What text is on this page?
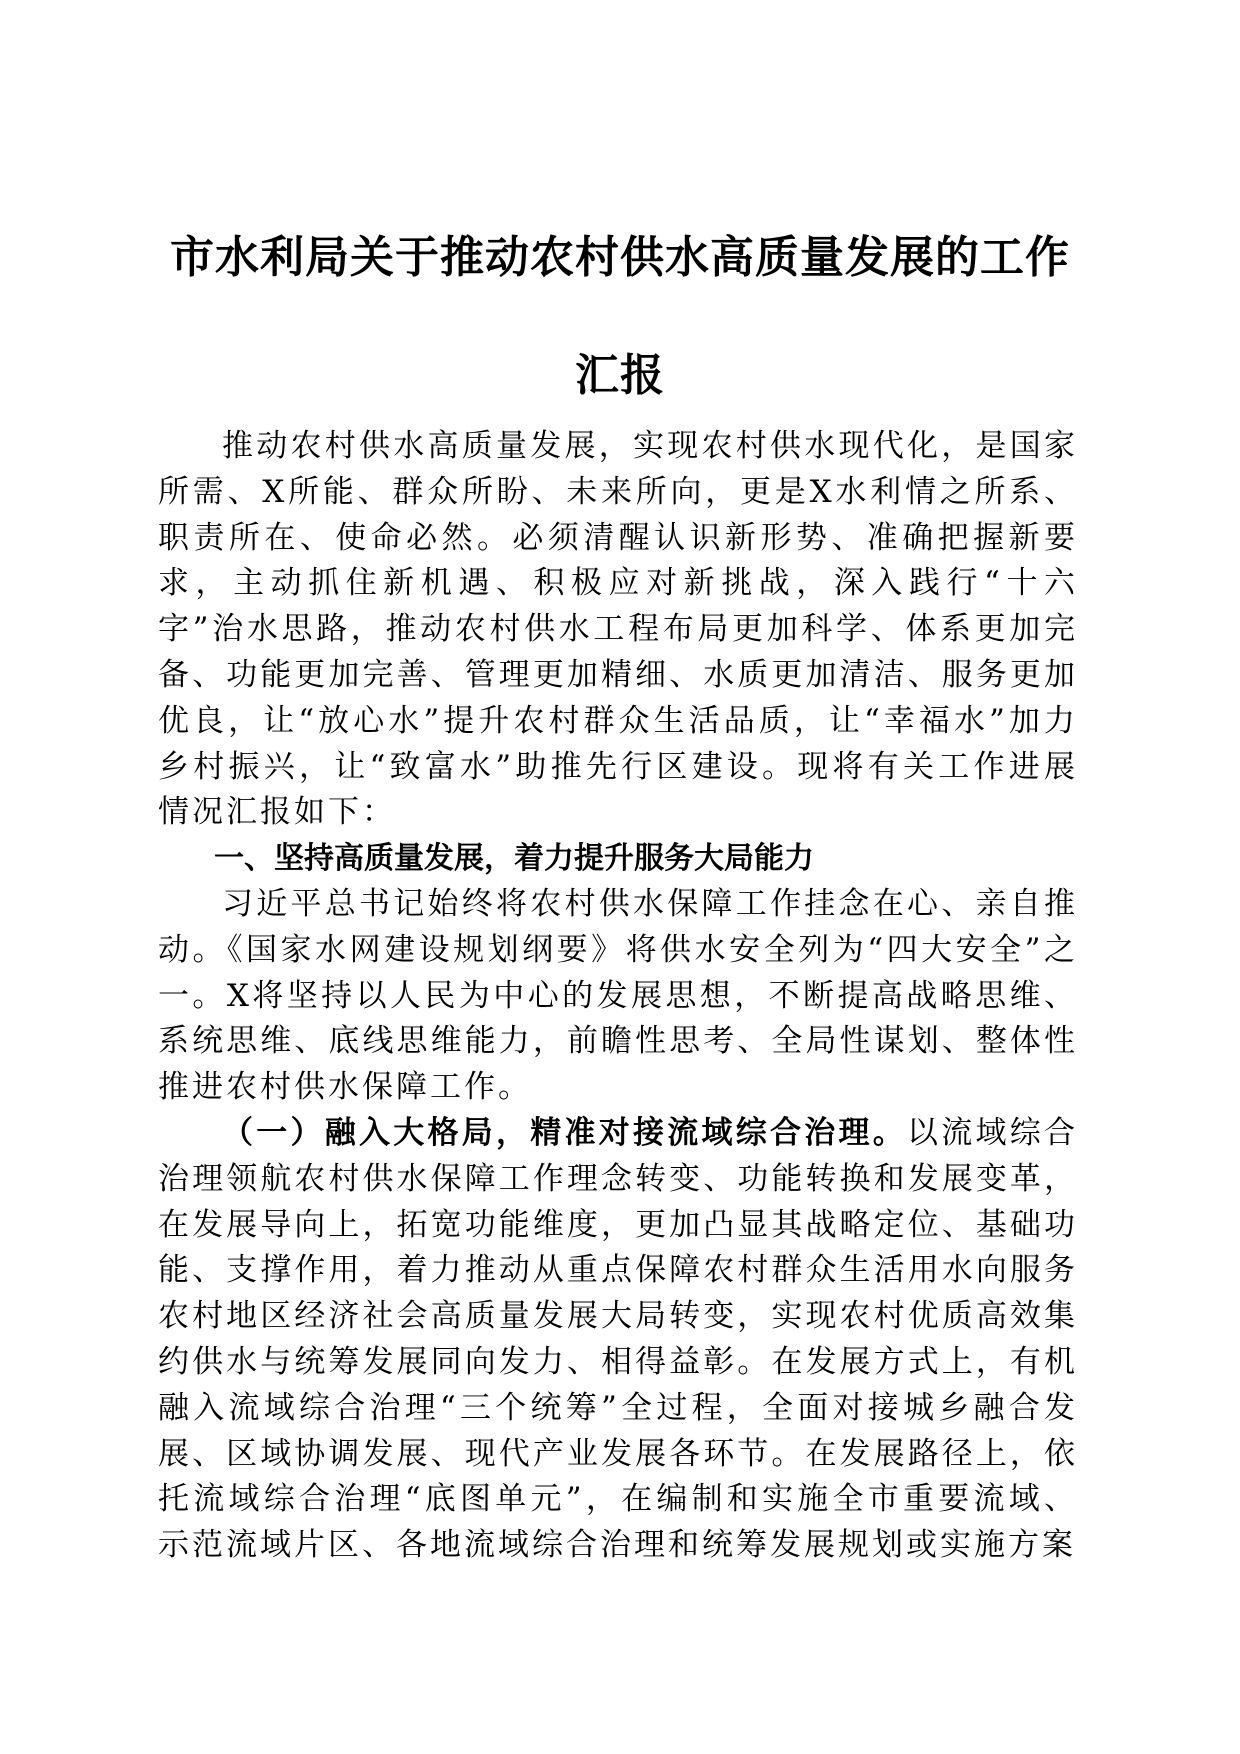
市水利局关于推动农村供水高质量发展的工作
汇报

推动农村供水高质量发展，实现农村供水现代化，是国家所需、X所能、群众所盼、未来所向，更是X水利情之所系、职责所在、使命必然。必须清醒认识新形势、准确把握新要求，主动抓住新机遇、积极应对新挑战，深入践行“十六字”治水思路，推动农村供水工程布局更加科学、体系更加完备、功能更加完善、管理更加精细、水质更加清洁、服务更加优良，让“放心水”提升农村群众生活品质，让“幸福水”加力乡村振兴，让“致富水”助推先行区建设。现将有关工作进展情况汇报如下：

一、坚持高质量发展，着力提升服务大局能力

习近平总书记始终将农村供水保障工作挂念在心、亲自推动。《国家水网建设规划纲要》将供水安全列为“四大安全”之一。X将坚持以人民为中心的发展思想，不断提高战略思维、系统思维、底线思维能力，前瞻性思考、全局性谋划、整体性推进农村供水保障工作。

（一）融入大格局，精准对接流域综合治理。以流域综合治理领航农村供水保障工作理念转变、功能转换和发展变革，在发展导向上，拓宽功能维度，更加凸显其战略定位、基础功能、支撑作用，着力推动从重点保障农村群众生活用水向服务农村地区经济社会高质量发展大局转变，实现农村优质高效集约供水与统筹发展同向发力、相得益彰。在发展方式上，有机融入流域综合治理“三个统筹”全过程，全面对接城乡融合发展、区域协调发展、现代产业发展各环节。在发展路径上，依托流域综合治理“底图单元”，在编制和实施全市重要流域、示范流域片区、各地流域综合治理和统筹发展规划或实施方案
